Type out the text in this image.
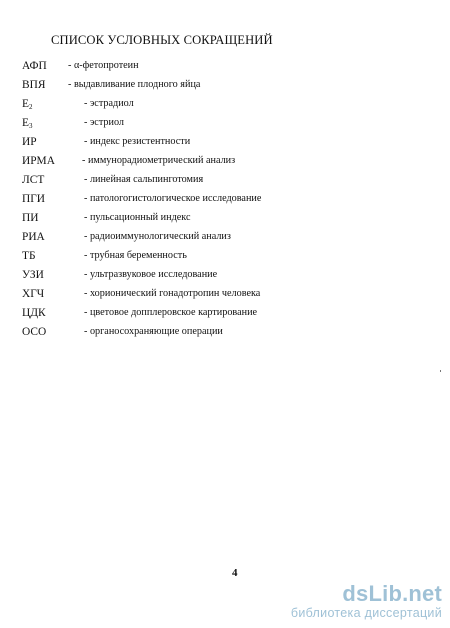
СПИСОК УСЛОВНЫХ СОКРАЩЕНИЙ
АФП - α-фетопротеин
ВПЯ - выдавливание плодного яйца
$E_2$	- эстрадиол
$E_3$	- эстриол
ИР	- индекс резистентности
ИРМА	- иммунорадиометрический анализ
ЛСТ	- линейная сальпинготомия
ПГИ	- патологогистологическое исследование
ПИ	- пульсационный индекс
РИА	- радиоиммунологический анализ
ТБ	- трубная беременность
УЗИ	- ультразвуковое исследование
ХГЧ	- хорионический гонадотропин человека
ЦДК	- цветовое допплеровское картирование
ОСО	- органосохраняющие операции
4
dsLib.net
библиотека диссертаций
